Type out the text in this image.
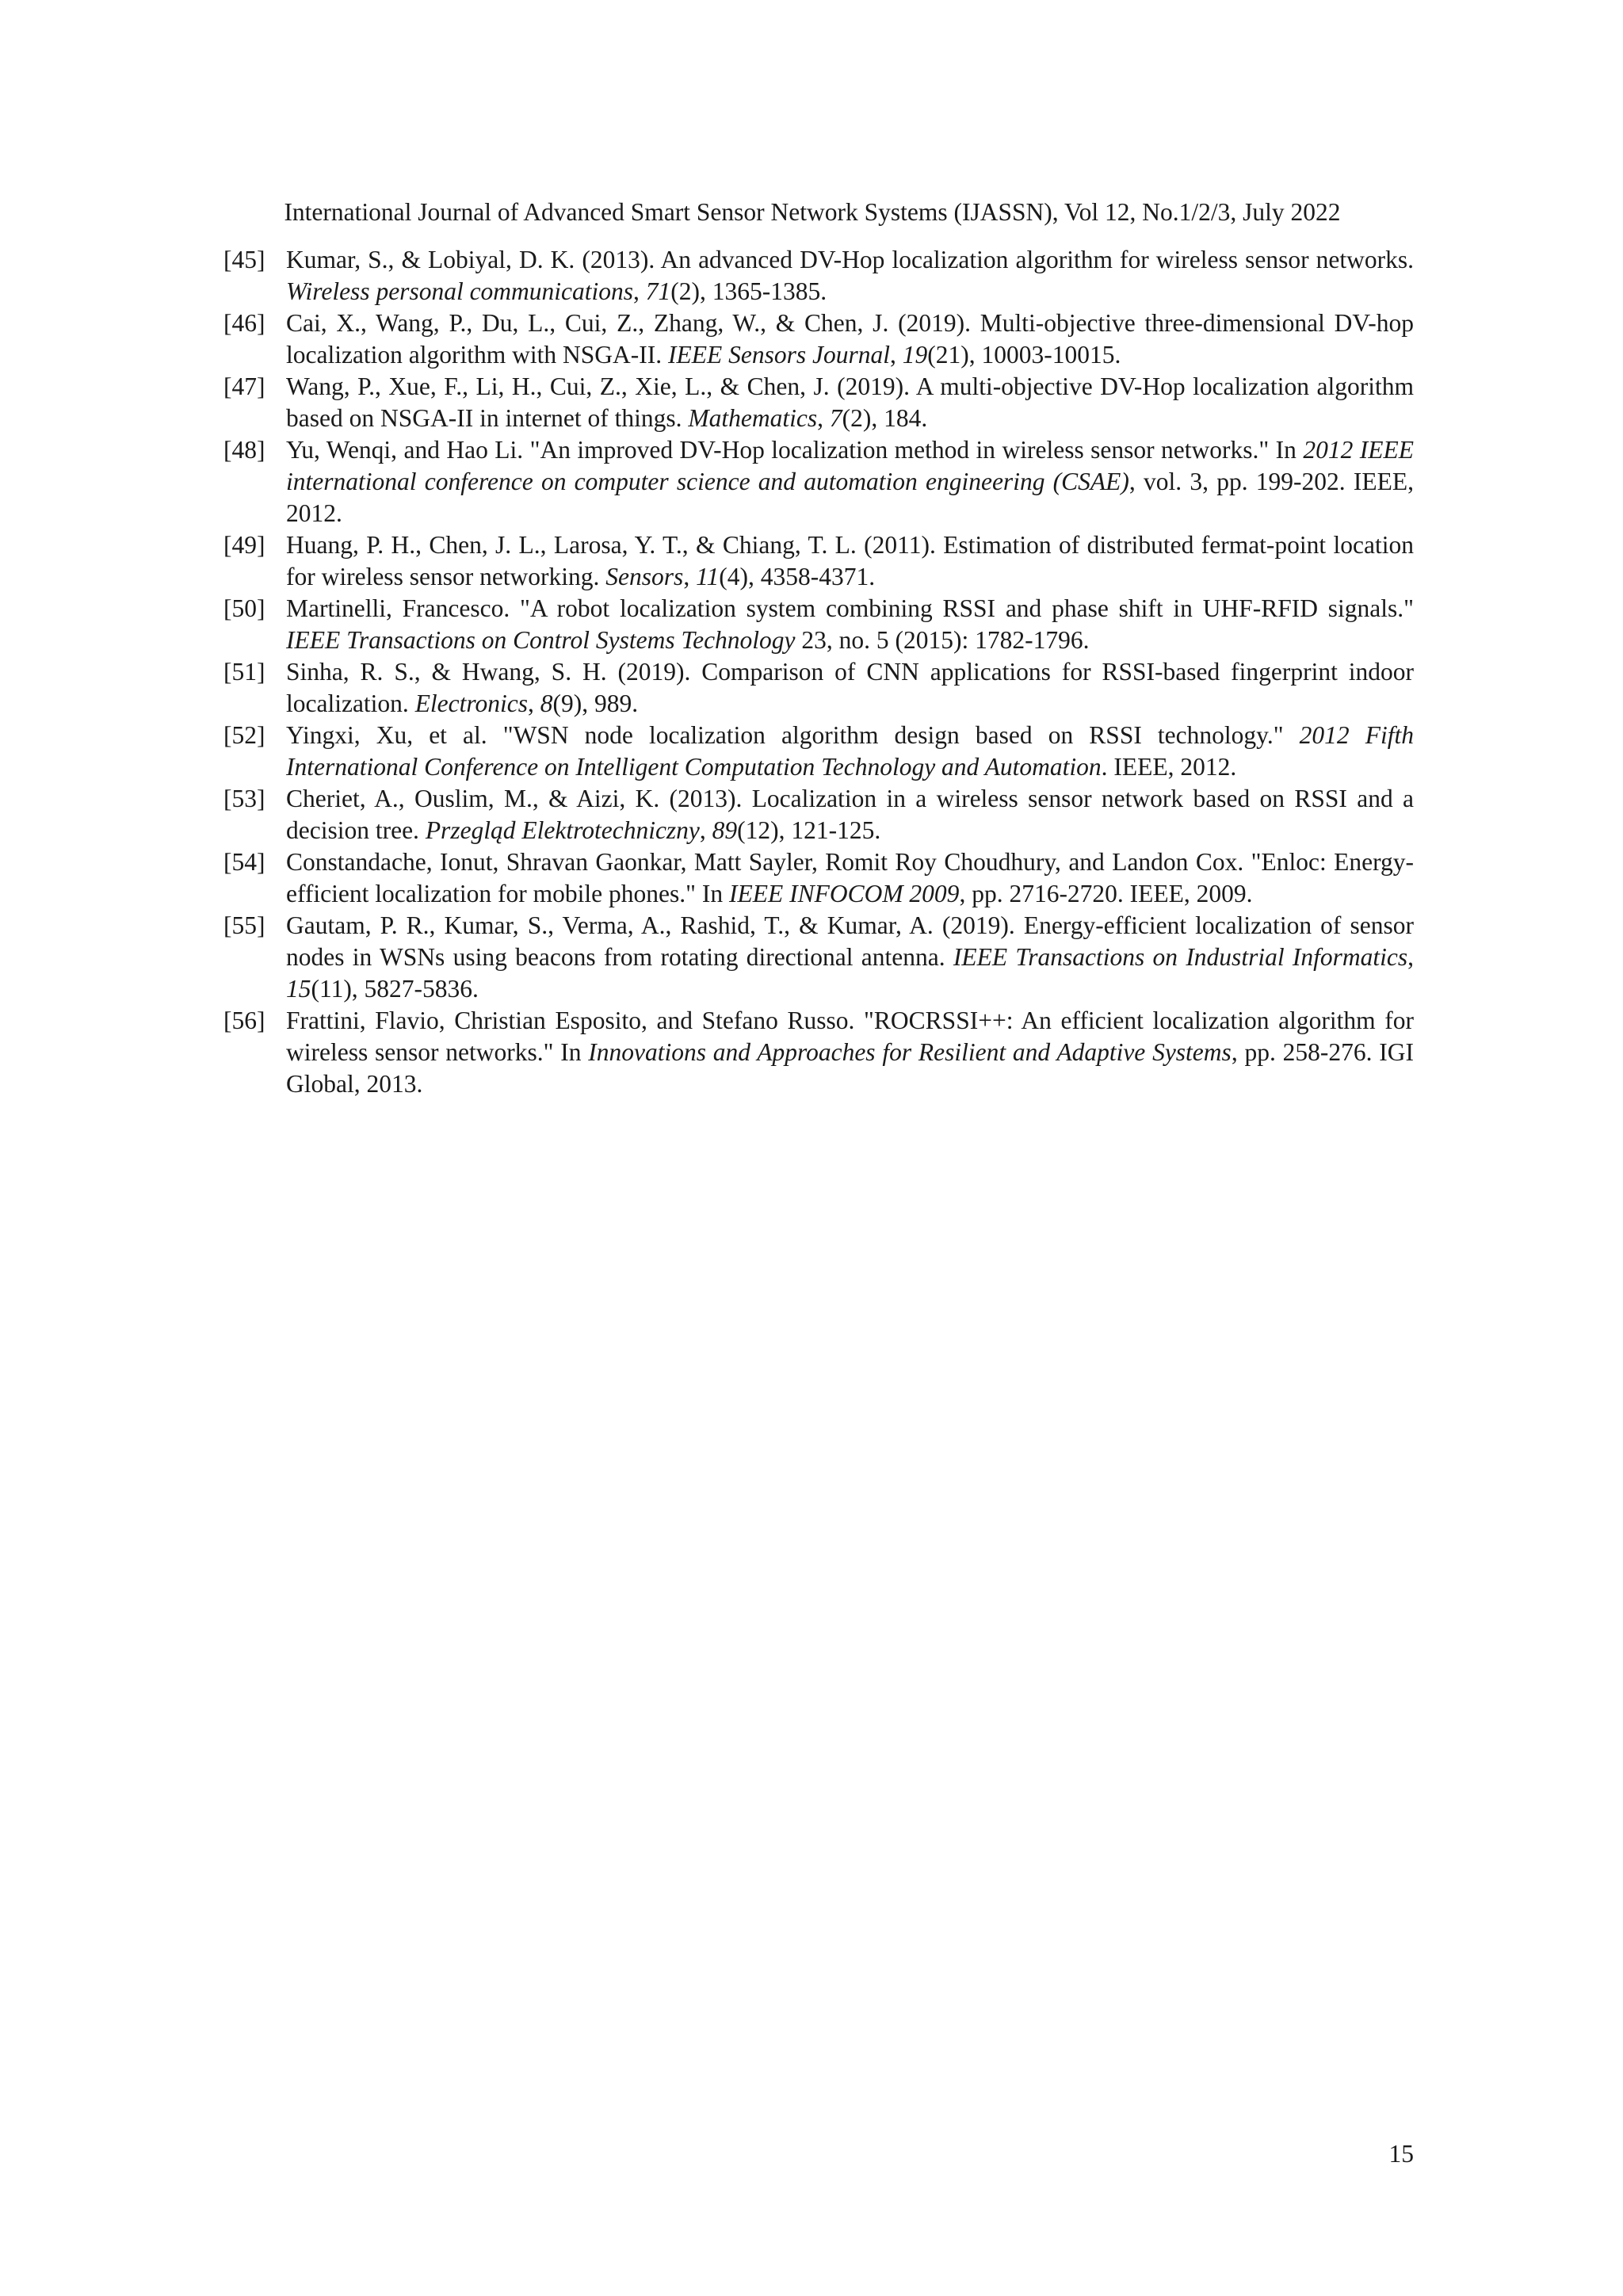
International Journal of Advanced Smart Sensor Network Systems (IJASSN), Vol 12, No.1/2/3, July 2022
[45] Kumar, S., & Lobiyal, D. K. (2013). An advanced DV-Hop localization algorithm for wireless sensor networks. Wireless personal communications, 71(2), 1365-1385.
[46] Cai, X., Wang, P., Du, L., Cui, Z., Zhang, W., & Chen, J. (2019). Multi-objective three-dimensional DV-hop localization algorithm with NSGA-II. IEEE Sensors Journal, 19(21), 10003-10015.
[47] Wang, P., Xue, F., Li, H., Cui, Z., Xie, L., & Chen, J. (2019). A multi-objective DV-Hop localization algorithm based on NSGA-II in internet of things. Mathematics, 7(2), 184.
[48] Yu, Wenqi, and Hao Li. "An improved DV-Hop localization method in wireless sensor networks." In 2012 IEEE international conference on computer science and automation engineering (CSAE), vol. 3, pp. 199-202. IEEE, 2012.
[49] Huang, P. H., Chen, J. L., Larosa, Y. T., & Chiang, T. L. (2011). Estimation of distributed fermat-point location for wireless sensor networking. Sensors, 11(4), 4358-4371.
[50] Martinelli, Francesco. "A robot localization system combining RSSI and phase shift in UHF-RFID signals." IEEE Transactions on Control Systems Technology 23, no. 5 (2015): 1782-1796.
[51] Sinha, R. S., & Hwang, S. H. (2019). Comparison of CNN applications for RSSI-based fingerprint indoor localization. Electronics, 8(9), 989.
[52] Yingxi, Xu, et al. "WSN node localization algorithm design based on RSSI technology." 2012 Fifth International Conference on Intelligent Computation Technology and Automation. IEEE, 2012.
[53] Cheriet, A., Ouslim, M., & Aizi, K. (2013). Localization in a wireless sensor network based on RSSI and a decision tree. Przegląd Elektrotechniczny, 89(12), 121-125.
[54] Constandache, Ionut, Shravan Gaonkar, Matt Sayler, Romit Roy Choudhury, and Landon Cox. "Enloc: Energy-efficient localization for mobile phones." In IEEE INFOCOM 2009, pp. 2716-2720. IEEE, 2009.
[55] Gautam, P. R., Kumar, S., Verma, A., Rashid, T., & Kumar, A. (2019). Energy-efficient localization of sensor nodes in WSNs using beacons from rotating directional antenna. IEEE Transactions on Industrial Informatics, 15(11), 5827-5836.
[56] Frattini, Flavio, Christian Esposito, and Stefano Russo. "ROCRSSI++: An efficient localization algorithm for wireless sensor networks." In Innovations and Approaches for Resilient and Adaptive Systems, pp. 258-276. IGI Global, 2013.
15
